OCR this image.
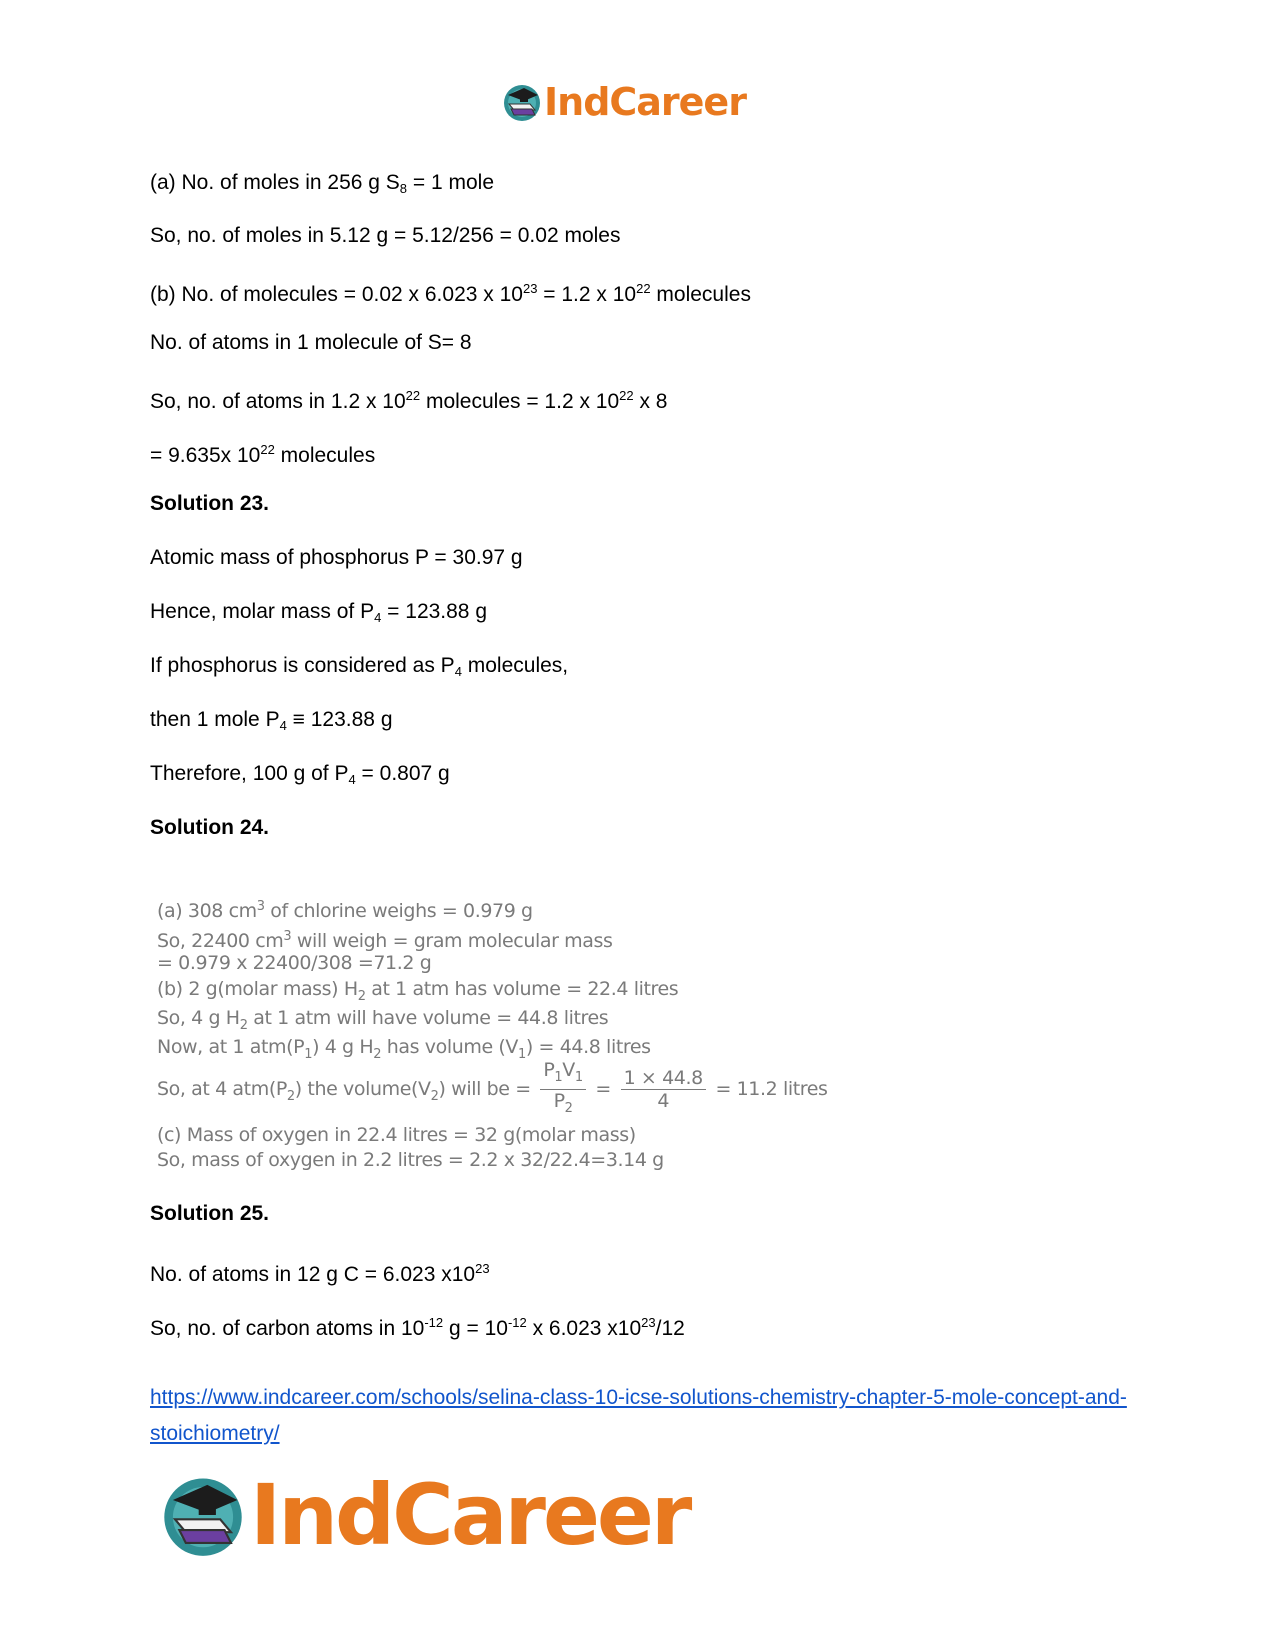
IndCareer
(a) No. of moles in 256 g $S_8 = 1$ mole
So, no. of moles in 5.12 g = 5.12/256 = 0.02 moles
(b) No. of molecules = 0.02 x 6.023 x $10^{23} = 1.2$ x $10^{22}$ molecules
No. of atoms in 1 molecule of S= 8
So, no. of atoms in 1.2 x $10^{22}$ molecules = 1.2 x $10^{22}$ x 8
= 9.635x $10^{22}$ molecules
Solution 23.
Atomic mass of phosphorus P = 30.97 g
Hence, molar mass of $P_4 = 123.88$ g
If phosphorus is considered as $P_4$ molecules,
then 1 mole $P_4 \equiv 123.88$ g
Therefore, 100 g of $P_4 = 0.807$ g
Solution 24.
(a) 308 $cm^3$ of chlorine weighs = 0.979 g
So, 22400 $cm^3$ will weigh = gram molecular mass
= 0.979 x 22400/308 =71.2 g
(b) 2 g(molar mass) $H_2$ at 1 atm has volume = 22.4 litres
So, 4 g $H_2$ at 1 atm will have volume = 44.8 litres
Now, at 1 $atm(P_1)$ 4 g $H_2$ has volume $(V_1) = 44.8$ litres
So, at 4 $atm(P_2)$ the $volume(V_2)$ will be = $\frac{P_1V_1}{P_2} = \frac{1 \times 44.8}{4} = 11.2$ litres
(c) Mass of oxygen in 22.4 litres = 32 g(molar mass)
So, mass of oxygen in 2.2 litres = 2.2 x 32/22.4=3.14 g
Solution 25.
No. of atoms in 12 g C = 6.023 $x10^{23}$
So, no. of carbon atoms in $10^{-12}$ $g = 10^{-12}$ x 6.023 $x10^{23}/12$
https://www.indcareer.com/schools/selina-class-10-icse-solutions-chemistry-chapter-5-mole-concept-and-stoichiometry/
IndCareer
